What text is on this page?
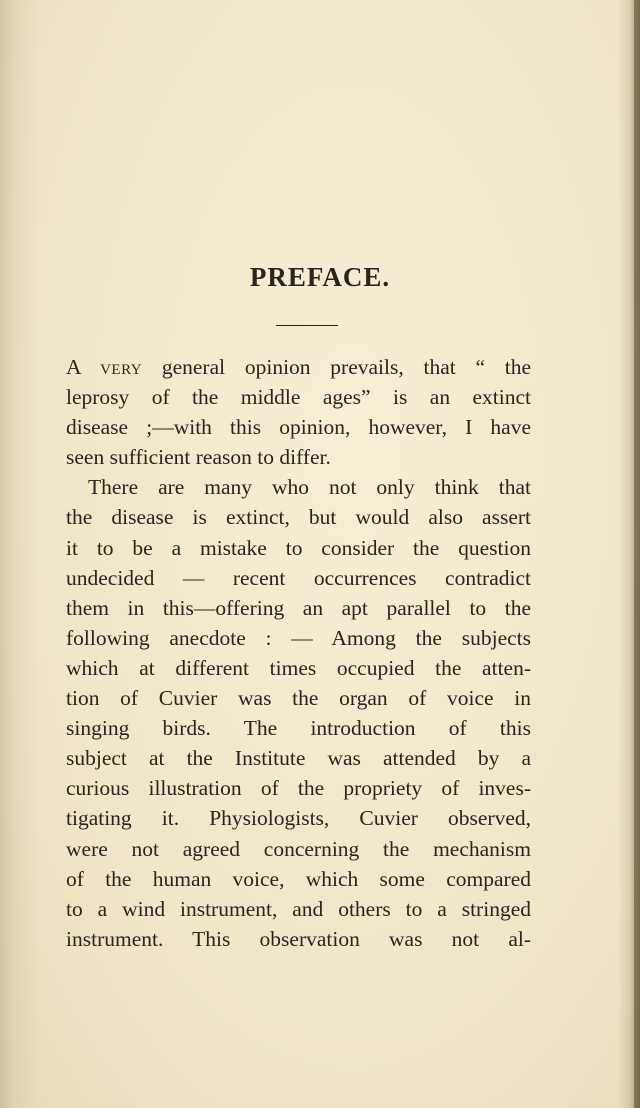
PREFACE.
A very general opinion prevails, that “ the
leprosy of the middle ages” is an extinct
disease ;—with this opinion, however, I have
seen sufficient reason to differ.
There are many who not only think that
the disease is extinct, but would also assert
it to be a mistake to consider the question
undecided — recent occurrences contradict
them in this—offering an apt parallel to the
following anecdote : — Among the subjects
which at different times occupied the atten-
tion of Cuvier was the organ of voice in
singing birds. The introduction of this
subject at the Institute was attended by a
curious illustration of the propriety of inves-
tigating it. Physiologists, Cuvier observed,
were not agreed concerning the mechanism
of the human voice, which some compared
to a wind instrument, and others to a stringed
instrument. This observation was not al-
